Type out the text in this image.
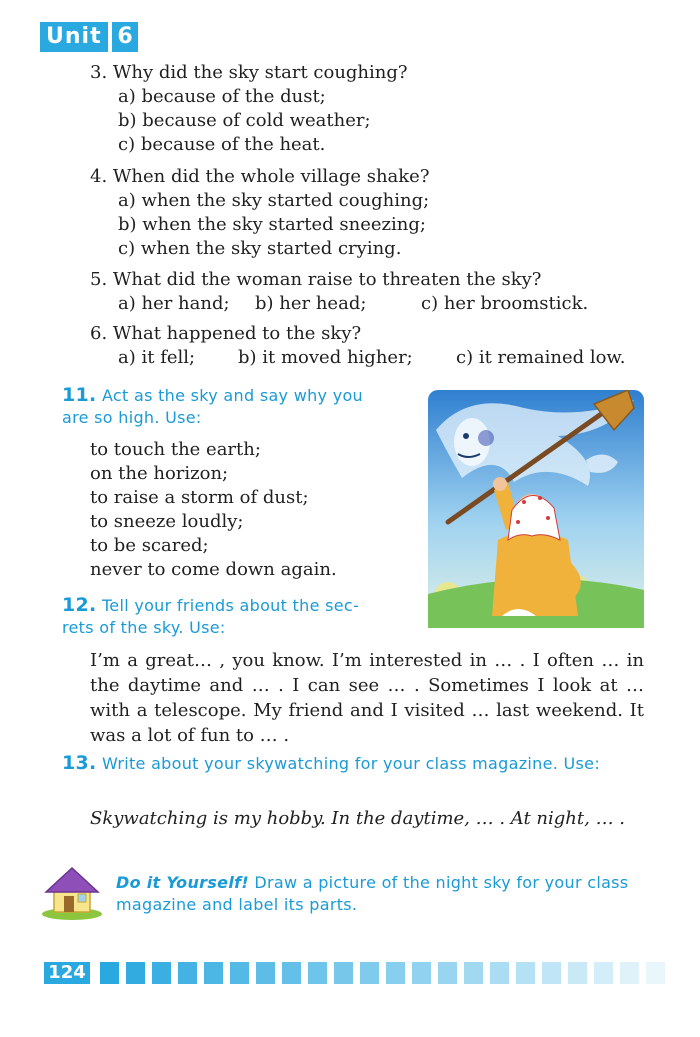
Unit 6
3. Why did the sky start coughing?
a) because of the dust;
b) because of cold weather;
c) because of the heat.
4. When did the whole village shake?
a) when the sky started coughing;
b) when the sky started sneezing;
c) when the sky started crying.
5. What did the woman raise to threaten the sky?
a) her hand;	b) her head;	c) her broomstick.
6. What happened to the sky?
a) it fell;	b) it moved higher;	c) it remained low.
11. Act as the sky and say why you
are so high. Use:
to touch the earth;
on the horizon;
to raise a storm of dust;
to sneeze loudly;
to be scared;
never to come down again.
12. Tell your friends about the sec-
rets of the sky. Use:
I’m a great… , you know. I’m interested in … . I often … in the daytime and … . I can see … . Sometimes I look at … with a telescope. My friend and I visited … last weekend. It was a lot of fun to … .
13. Write about your skywatching for your class magazine. Use:
Skywatching is my hobby. In the daytime, … . At night, … .
Do it Yourself! Draw a picture of the night sky for your class magazine and label its parts.
124
